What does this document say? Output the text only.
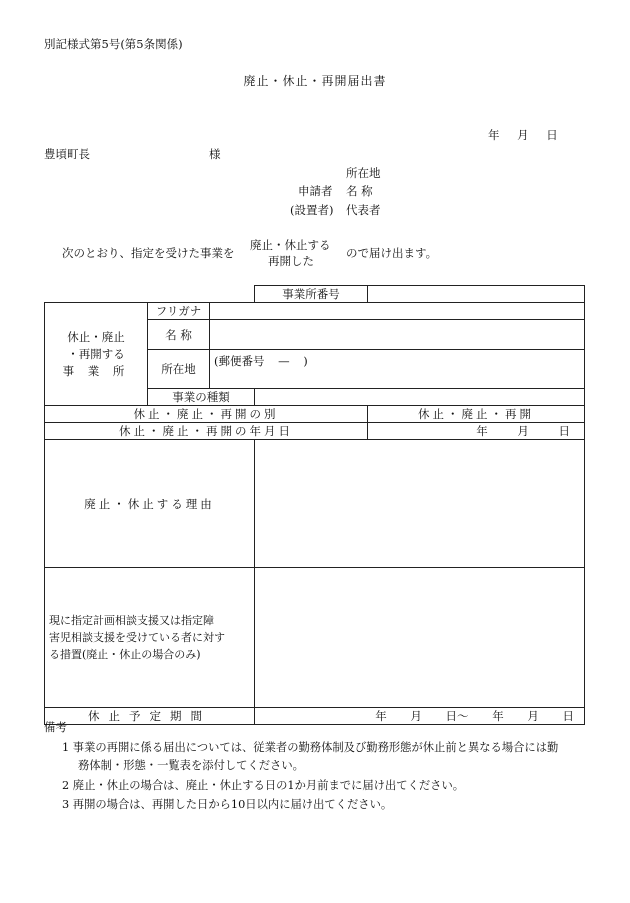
別記様式第5号(第5条関係)
廃止・休止・再開届出書
年 月 日
豊頃町長	様
所在地
申請者 名 称
(設置者) 代表者
次のとおり、指定を受けた事業を
廃止・休止する
再開した
ので届け出ます。
			事業所番号	

休止・廃止
・再開する
事 業 所	フリガナ			
	名 称			
	所在地	(郵便番号 — )		
	事業の種類			
休止・廃止・再開の別				休止・廃止・再開
休止・廃止・再開の年月日				年 月 日
廃止・休止する理由				

現に指定計画相談支援又は指定障
害児相談支援を受けている者に対す
る措置(廃止・休止の場合のみ)				

休止予定期間			年 月 日〜 年 月 日	
備考
1 事業の再開に係る届出については、従業者の勤務体制及び勤務形態が休止前と異なる場合には勤
務体制・形態・一覧表を添付してください。
2 廃止・休止の場合は、廃止・休止する日の1か月前までに届け出てください。
3 再開の場合は、再開した日から10日以内に届け出てください。
